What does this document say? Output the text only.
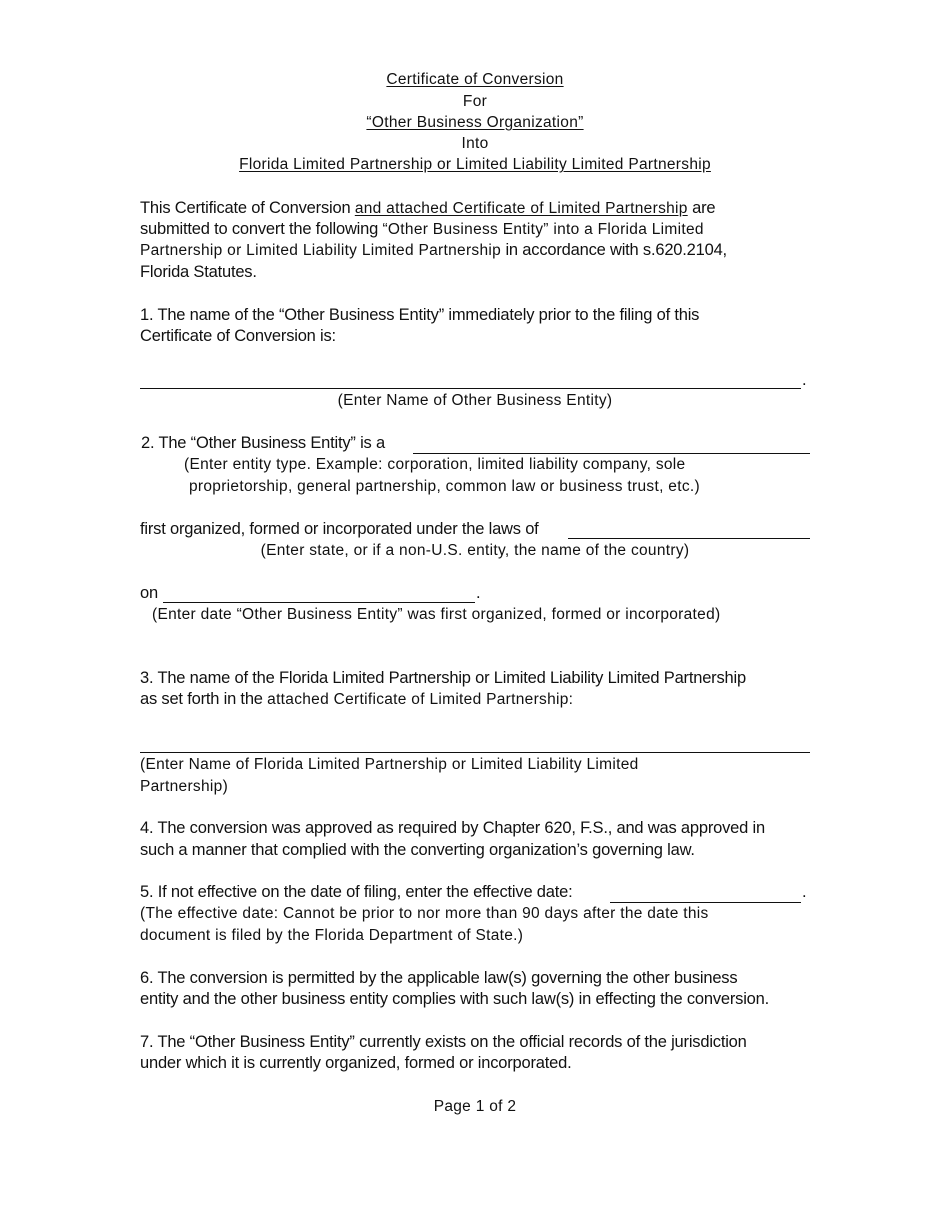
Certificate of Conversion
For
“Other Business Organization”
Into
Florida Limited Partnership or Limited Liability Limited Partnership
This Certificate of Conversion and attached Certificate of Limited Partnership are
submitted to convert the following “Other Business Entity” into a Florida Limited
Partnership or Limited Liability Limited Partnership in accordance with s.620.2104,
Florida Statutes.
1. The name of the “Other Business Entity” immediately prior to the filing of this
Certificate of Conversion is:
.
(Enter Name of Other Business Entity)
2. The “Other Business Entity” is a
(Enter entity type. Example: corporation, limited liability company, sole
proprietorship, general partnership, common law or business trust, etc.)
first organized, formed or incorporated under the laws of
(Enter state, or if a non-U.S. entity, the name of the country)
on	.
(Enter date “Other Business Entity” was first organized, formed or incorporated)
3. The name of the Florida Limited Partnership or Limited Liability Limited Partnership
as set forth in the attached Certificate of Limited Partnership:
(Enter Name of Florida Limited Partnership or Limited Liability Limited
Partnership)
4. The conversion was approved as required by Chapter 620, F.S., and was approved in
such a manner that complied with the converting organization’s governing law.
5. If not effective on the date of filing, enter the effective date:	.
(The effective date: Cannot be prior to nor more than 90 days after the date this
document is filed by the Florida Department of State.)
6. The conversion is permitted by the applicable law(s) governing the other business
entity and the other business entity complies with such law(s) in effecting the conversion.
7. The “Other Business Entity” currently exists on the official records of the jurisdiction
under which it is currently organized, formed or incorporated.
Page 1 of 2
